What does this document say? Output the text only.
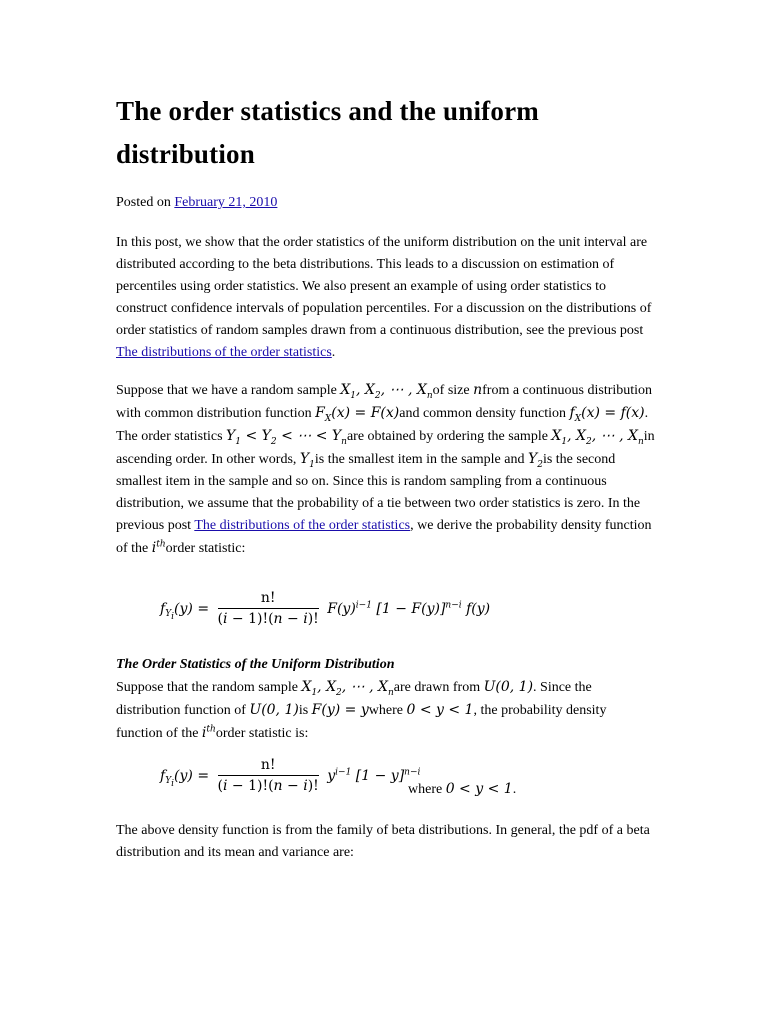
The order statistics and the uniform distribution
Posted on February 21, 2010

In this post, we show that the order statistics of the uniform distribution on the unit interval are distributed according to the beta distributions. This leads to a discussion on estimation of percentiles using order statistics. We also present an example of using order statistics to construct confidence intervals of population percentiles. For a discussion on the distributions of order statistics of random samples drawn from a continuous distribution, see the previous post The distributions of the order statistics.

Suppose that we have a random sample $X_1$, $X_2$, ⋯ , $X_nof$ size nfrom a continuous distribution with common distribution function $F_X(x) = F(x)and$ common density function $f_X(x) = f(x)$. The order statistics $Y_1 < Y_2$ < ⋯ < $Y_nare$ obtained by ordering the sample $X_1$, $X_2$, ⋯ , $X_nin$ ascending order. In other words, $Y_1is$ the smallest item in the sample and $Y_2is$ the second smallest item in the sample and so on. Since this is random sampling from a continuous distribution, we assume that the probability of a tie between two order statistics is zero. In the previous post The distributions of the order statistics, we derive the probability density function of the $i^{th}order$ statistic:

$f_{Y_i}(y) = \frac{n!}{(i - 1)!(n - i)!} F(y)^{i-1}$ $[1 - F(y)]^{n-i}$ f(y)
The Order Statistics of the Uniform Distribution

Suppose that the random sample $X_1$, $X_2$, ⋯ , $X_nare$ drawn from U(0, 1). Since the distribution function of U(0, 1)is F(y) = ywhere 0 < y < 1, the probability density function of the $i^{th}order$ statistic is:

$f_{Y_i}(y) = \frac{n!}{(i - 1)!(n - i)!} y^{i-1}$ $[1 - y]^{n-i}$
where 0 < y < 1.

The above density function is from the family of beta distributions. In general, the pdf of a beta distribution and its mean and variance are:
